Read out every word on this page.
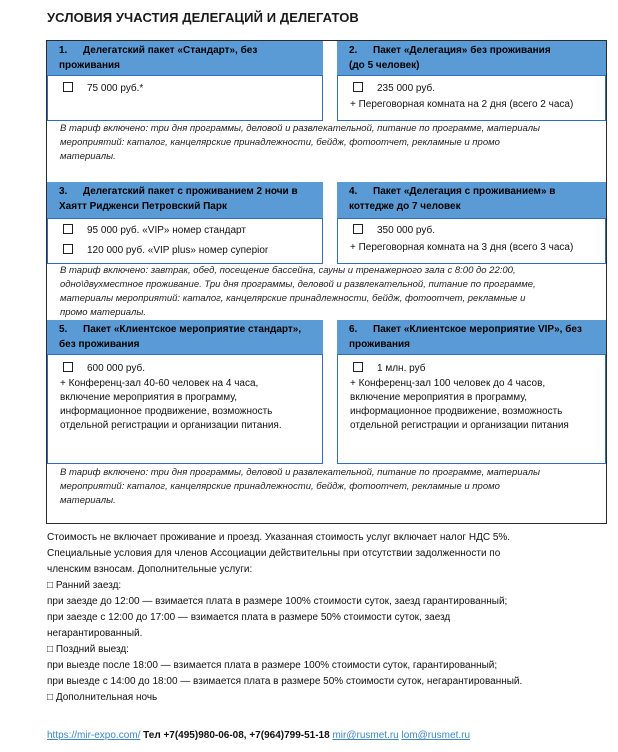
УСЛОВИЯ УЧАСТИЯ ДЕЛЕГАЦИЙ И ДЕЛЕГАТОВ
1. Делегатский пакет «Стандарт», без
проживания
2. Пакет «Делегация» без проживания
(до 5 человек)
75 000 руб.*	235 000 руб.
+ Переговорная комната на 2 дня (всего 2 часа)
В тариф включено: три дня программы, деловой и развлекательной, питание по программе, материалы
мероприятий: каталог, канцелярские принадлежности, бейдж, фотоотчет, рекламные и промо
материалы.
3. Делегатский пакет с проживанием 2 ночи в
Хаятт Ридженси Петровский Парк
4. Пакет «Делегация с проживанием» в
коттедже до 7 человек
95 000 руб. «VIP» номер стандарт
120 000 руб. «VIP plus» номер суперior
350 000 руб.
+ Переговорная комната на 3 дня (всего 3 часа)
В тариф включено: завтрак, обед, посещение бассейна, сауны и тренажерного зала с 8:00 до 22:00,
одно\двухместное проживание. Три дня программы, деловой и развлекательной, питание по программе,
материалы мероприятий: каталог, канцелярские принадлежности, бейдж, фотоотчет, рекламные и
промо материалы.
5. Пакет «Клиентское мероприятие стандарт»,
без проживания
6. Пакет «Клиентское мероприятие VIP», без
проживания
600 000 руб.
+ Конференц-зал 40-60 человек на 4 часа,
включение мероприятия в программу,
информационное продвижение, возможность
отдельной регистрации и организации питания.
1 млн. руб
+ Конференц-зал 100 человек до 4 часов,
включение мероприятия в программу,
информационное продвижение, возможность
отдельной регистрации и организации питания
В тариф включено: три дня программы, деловой и развлекательной, питание по программе, материалы
мероприятий: каталог, канцелярские принадлежности, бейдж, фотоотчет, рекламные и промо
материалы.
Стоимость не включает проживание и проезд. Указанная стоимость услуг включает налог НДС 5%.
Специальные условия для членов Ассоциации действительны при отсутствии задолженности по
членским взносам. Дополнительные услуги:
□ Ранний заезд:
при заезде до 12:00 — взимается плата в размере 100% стоимости суток, заезд гарантированный;
при заезде с 12:00 до 17:00 — взимается плата в размере 50% стоимости суток, заезд
негарантированный.
□ Поздний выезд:
при выезде после 18:00 — взимается плата в размере 100% стоимости суток, гарантированный;
при выезде с 14:00 до 18:00 — взимается плата в размере 50% стоимости суток, негарантированный.
□ Дополнительная ночь
https://mir-expo.com/ Тел +7(495)980-06-08, +7(964)799-51-18 mir@rusmet.ru lom@rusmet.ru
